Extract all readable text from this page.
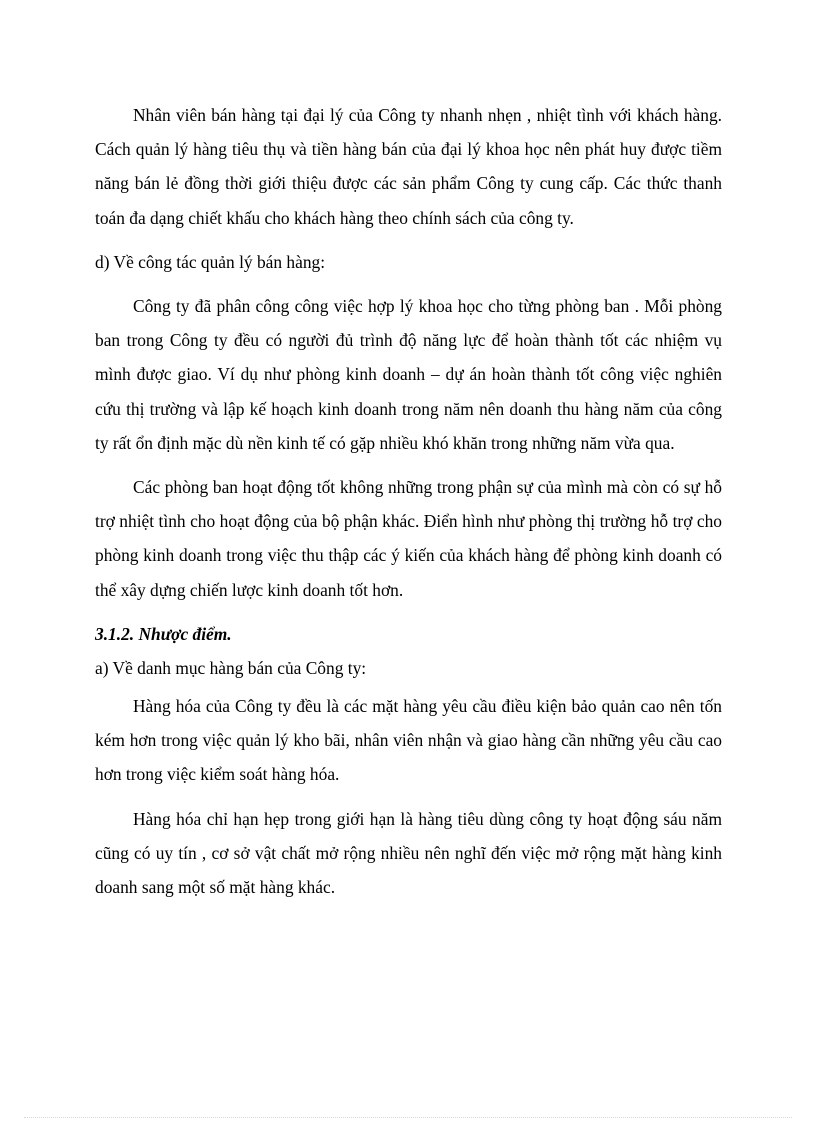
Nhân viên bán hàng tại đại lý của Công ty nhanh nhẹn , nhiệt tình với khách hàng. Cách quản lý hàng tiêu thụ và tiền hàng bán của đại lý khoa học nên phát huy được tiềm năng bán lẻ đồng thời giới thiệu được các sản phẩm Công ty cung cấp. Các thức thanh toán đa dạng chiết khấu cho khách hàng theo chính sách của công ty.

d) Về công tác quản lý bán hàng:

Công ty đã phân công công việc hợp lý khoa học cho từng phòng ban . Mỗi phòng ban trong Công ty đều có người đủ trình độ năng lực để hoàn thành tốt các nhiệm vụ mình được giao. Ví dụ như phòng kinh doanh – dự án hoàn thành tốt công việc nghiên cứu thị trường và lập kế hoạch kinh doanh trong năm nên doanh thu hàng năm của công ty rất ổn định mặc dù nền kinh tế có gặp nhiều khó khăn trong những năm vừa qua.

Các phòng ban hoạt động tốt không những trong phận sự của mình mà còn có sự hỗ trợ nhiệt tình cho hoạt động của bộ phận khác. Điển hình như phòng thị trường hỗ trợ cho phòng kinh doanh trong việc thu thập các ý kiến của khách hàng để phòng kinh doanh có thể xây dựng chiến lược kinh doanh tốt hơn.

3.1.2. Nhược điểm.

a) Về danh mục hàng bán của Công ty:

Hàng hóa của Công ty đều là các mặt hàng yêu cầu điều kiện bảo quản cao nên tốn kém hơn trong việc quản lý kho bãi, nhân viên nhận và giao hàng cần những yêu cầu cao hơn trong việc kiểm soát hàng hóa.

Hàng hóa chỉ hạn hẹp trong giới hạn là hàng tiêu dùng công ty hoạt động sáu năm cũng có uy tín , cơ sở vật chất mở rộng nhiều nên nghĩ đến việc mở rộng mặt hàng kinh doanh sang một số mặt hàng khác.
